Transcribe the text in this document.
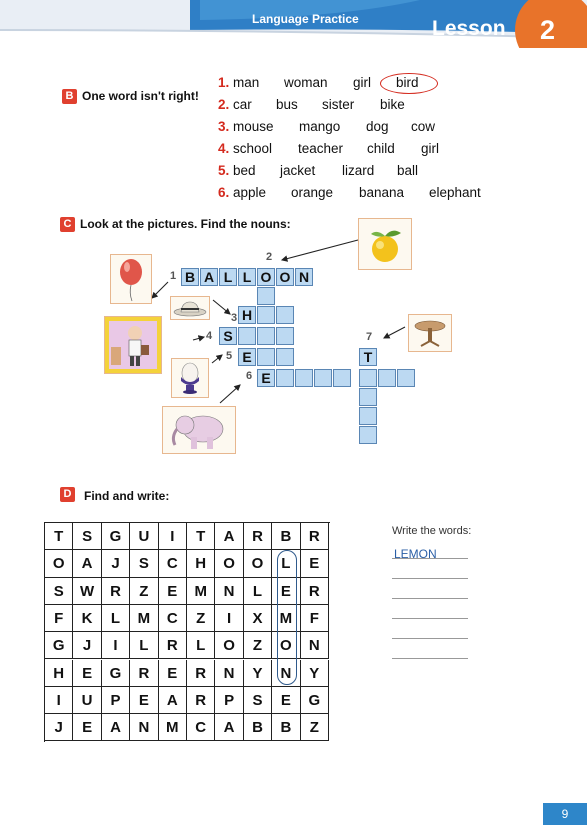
Language Practice	Lesson 2
B One word isn't right!
1. man woman girl bird
2. car bus sister bike
3. mouse mango dog cow
4. school teacher child girl
5. bed jacket lizard ball
6. apple orange banana elephant
C Look at the pictures. Find the nouns:
1
2
3
4
5
6
7
B A L L O O N
H
S
E
E
T
D Find and write:
T	S	G	U	I	T	A	R	B	R
O	A	J	S	C	H	O	O	L	E
S	W	R	Z	E	M	N	L	E	R
F	K	L	M	C	Z	I	X	M	F
G	J	I	L	R	L	O	Z	O	N
H	E	G	R	E	R	N	Y	N	Y
I	U	P	E	A	R	P	S	E	G
J	E	A	N	M	C	A	B	B	Z
Write the words:
LEMON
9
